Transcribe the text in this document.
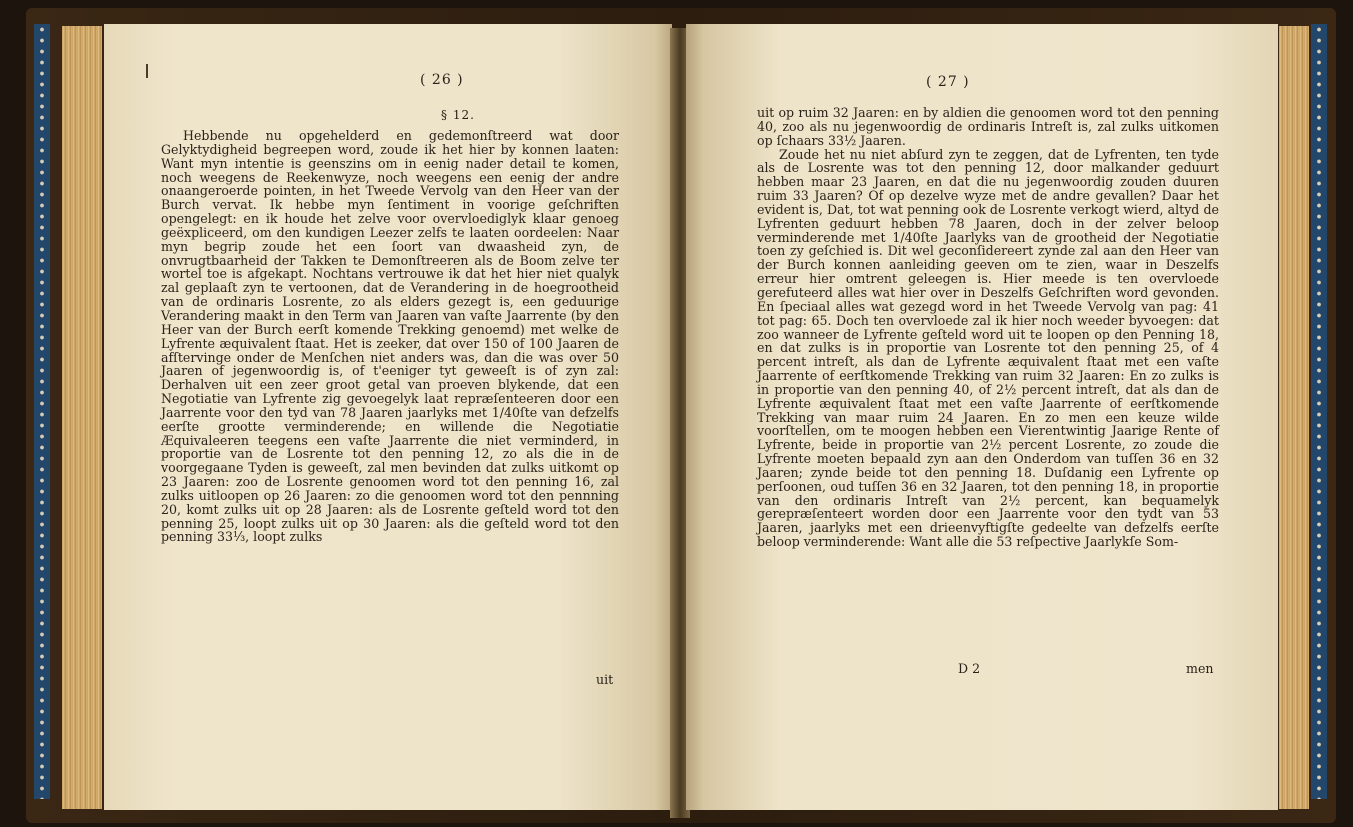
( 26 )
§ 12.

Hebbende nu opgehelderd en gedemonſtreerd wat door Gelyktydigheid begreepen word, zoude ik het hier by konnen laaten: Want myn intentie is geenszins om in eenig nader detail te komen, noch weegens de Reekenwyze, noch weegens een eenig der andre onaangeroerde pointen, in het Tweede Vervolg van den Heer van der Burch vervat. Ik hebbe myn ſentiment in voorige geſchriften opengelegt: en ik houde het zelve voor overvloediglyk klaar genoeg geëxpliceerd, om den kundigen Leezer zelfs te laaten oordeelen: Naar myn begrip zoude het een ſoort van dwaasheid zyn, de onvrugtbaarheid der Takken te Demonſtreeren als de Boom zelve ter wortel toe is afgekapt. Nochtans vertrouwe ik dat het hier niet qualyk zal geplaaſt zyn te vertoonen, dat de Verandering in de hoegrootheid van de ordinaris Losrente, zo als elders gezegt is, een geduurige Verandering maakt in den Term van Jaaren van vaſte Jaarrente (by den Heer van der Burch eerſt komende Trekking genoemd) met welke de Lyfrente æquivalent ſtaat. Het is zeeker, dat over 150 of 100 Jaaren de afſtervinge onder de Menſchen niet anders was, dan die was over 50 Jaaren of jegenwoordig is, of t'eeniger tyt geweeſt is of zyn zal: Derhalven uit een zeer groot getal van proeven blykende, dat een Negotiatie van Lyfrente zig gevoegelyk laat repræſenteeren door een Jaarrente voor den tyd van 78 Jaaren jaarlyks met 1/40ſte van defzelfs eerſte grootte verminderende; en willende die Negotiatie Æquivaleeren teegens een vaſte Jaarrente die niet verminderd, in proportie van de Losrente tot den penning 12, zo als die in de voorgegaane Tyden is geweeſt, zal men bevinden dat zulks uitkomt op 23 Jaaren: zoo de Losrente genoomen word tot den penning 16, zal zulks uitloopen op 26 Jaaren: zo die genoomen word tot den pennning 20, komt zulks uit op 28 Jaaren: als de Losrente geſteld word tot den penning 25, loopt zulks uit op 30 Jaaren: als die geſteld word tot den penning 33⅓, loopt zulks

uit
( 27 )

uit op ruim 32 Jaaren: en by aldien die genoomen word tot den penning 40, zoo als nu jegenwoordig de ordinaris Intreſt is, zal zulks uitkomen op ſchaars 33½ Jaaren.

Zoude het nu niet abſurd zyn te zeggen, dat de Lyfrenten, ten tyde als de Losrente was tot den penning 12, door malkander geduurt hebben maar 23 Jaaren, en dat die nu jegenwoordig zouden duuren ruim 33 Jaaren? Of op dezelve wyze met de andre gevallen? Daar het evident is, Dat, tot wat penning ook de Losrente verkogt wierd, altyd de Lyfrenten geduurt hebben 78 Jaaren, doch in der zelver beloop verminderende met 1/40ſte Jaarlyks van de grootheid der Negotiatie toen zy geſchied is. Dit wel geconſidereert zynde zal aan den Heer van der Burch konnen aanleiding geeven om te zien, waar in Deszelfs erreur hier omtrent geleegen is. Hier meede is ten overvloede gerefuteerd alles wat hier over in Deszelfs Geſchriften word gevonden. En ſpeciaal alles wat gezegd word in het Tweede Vervolg van pag: 41 tot pag: 65. Doch ten overvloede zal ik hier noch weeder byvoegen: dat zoo wanneer de Lyfrente geſteld word uit te loopen op den Penning 18, en dat zulks is in proportie van Losrente tot den penning 25, of 4 percent intreſt, als dan de Lyfrente æquivalent ſtaat met een vaſte Jaarrente of eerſtkomende Trekking van ruim 32 Jaaren: En zo zulks is in proportie van den penning 40, of 2½ percent intreſt, dat als dan de Lyfrente æquivalent ſtaat met een vaſte Jaarrente of eerſtkomende Trekking van maar ruim 24 Jaaren. En zo men een keuze wilde voorſtellen, om te moogen hebben een Vierentwintig Jaarige Rente of Lyfrente, beide in proportie van 2½ percent Losrente, zo zoude die Lyfrente moeten bepaald zyn aan den Onderdom van tuſſen 36 en 32 Jaaren; zynde beide tot den penning 18. Duſdanig een Lyfrente op perſoonen, oud tuſſen 36 en 32 Jaaren, tot den penning 18, in proportie van den ordinaris Intreſt van 2½ percent, kan bequamelyk gerepræſenteert worden door een Jaarrente voor den tydt van 53 Jaaren, jaarlyks met een drieenvyftigſte gedeelte van defzelfs eerſte beloop verminderende: Want alle die 53 reſpective Jaarlykſe Som-

D 2	men
